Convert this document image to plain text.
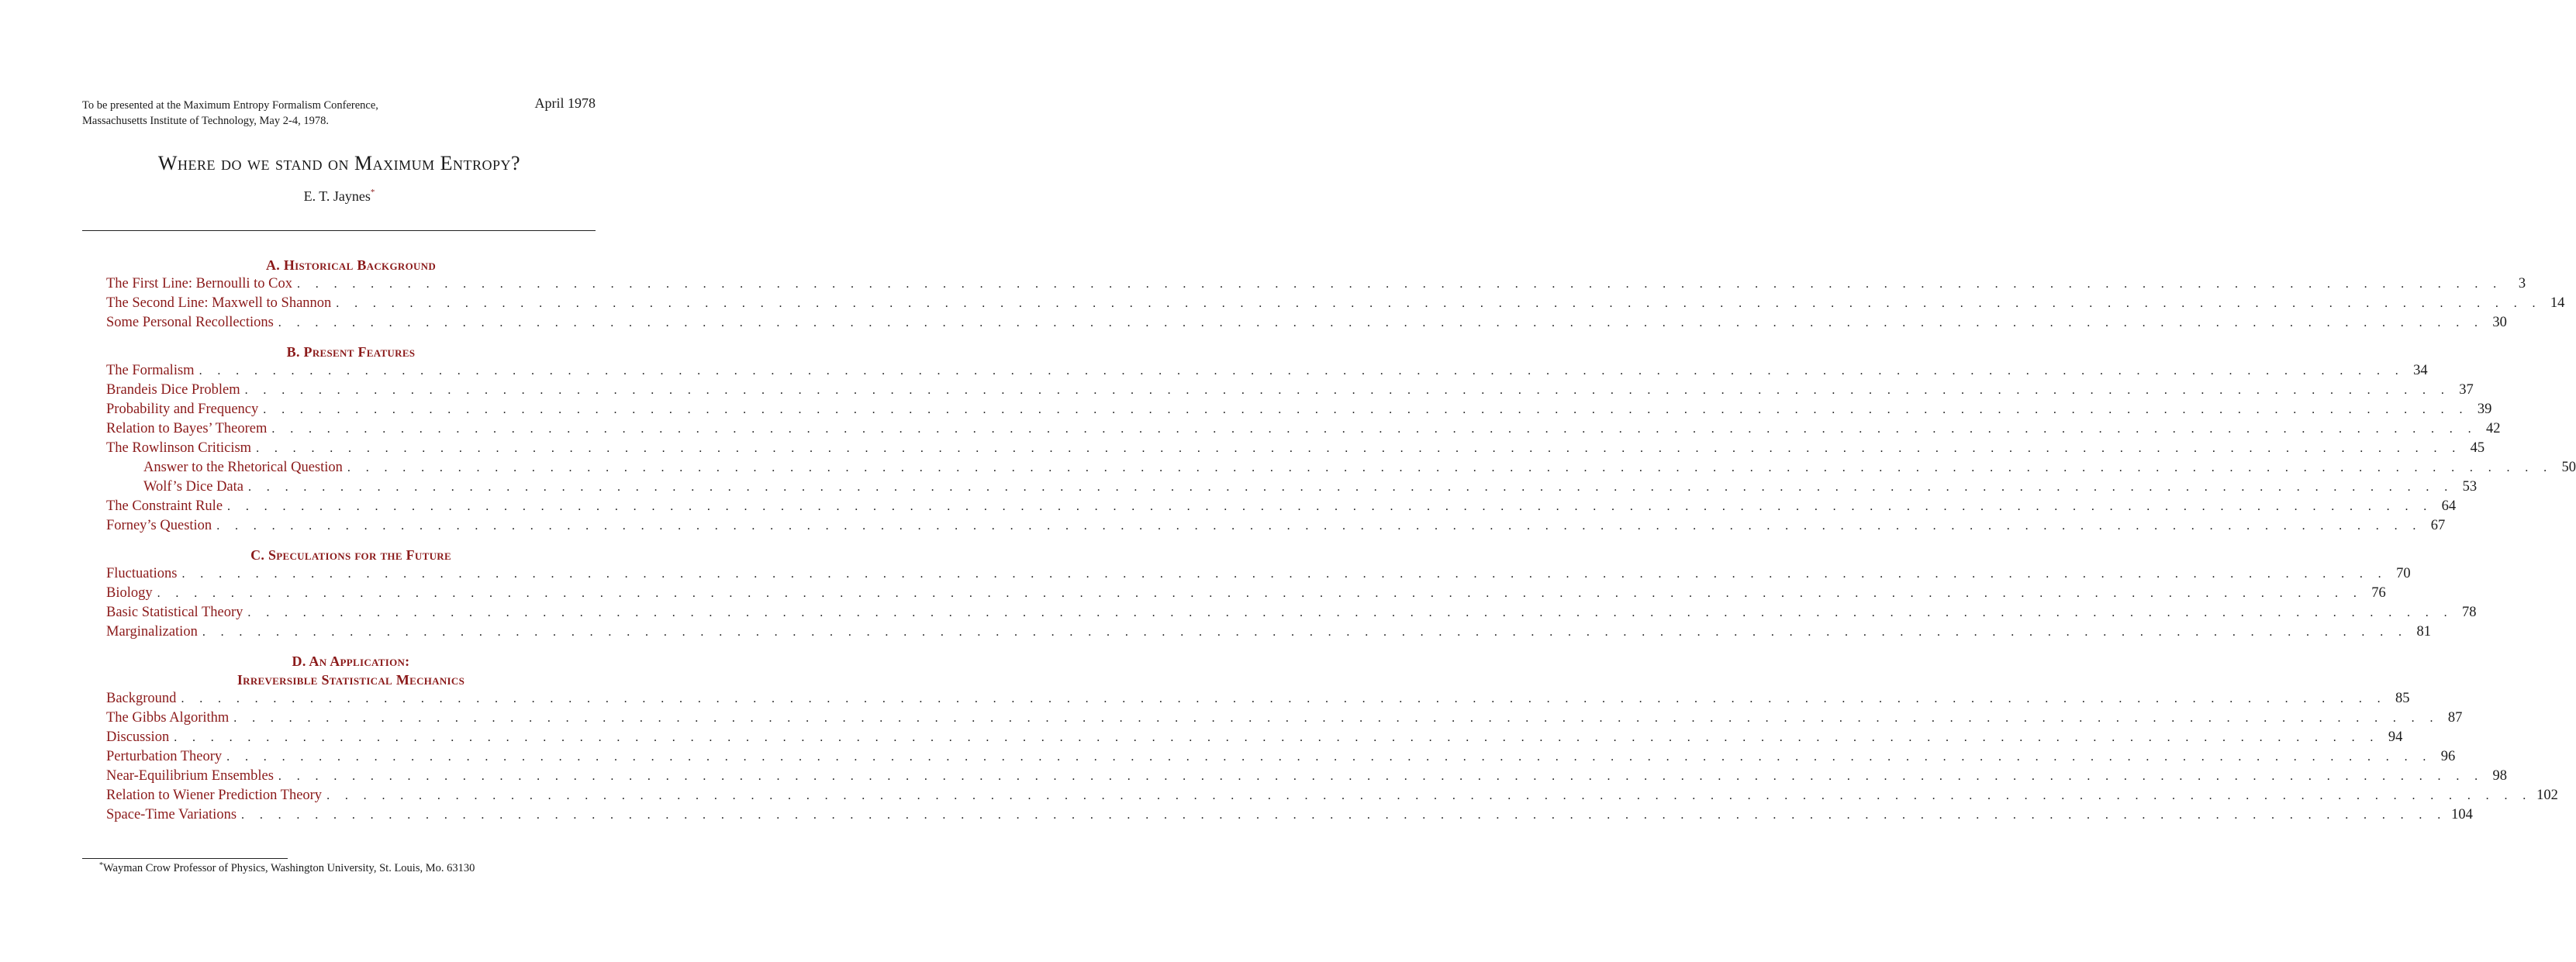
To be presented at the Maximum Entropy Formalism Conference,
Massachusetts Institute of Technology, May 2-4, 1978.
April 1978
Where do we stand on Maximum Entropy?
E. T. Jaynes*
A. Historical Background
The First Line: Bernoulli to Cox . . . . . . . . . . . . . . . . . . . . . . . . . . . . . . . . . . . . . . . . . . . . . . . . . . . . . . . . . . . . . . . . . . . . . . . . . . . . . . . . . . . . . . . . . . . . . . . . . . . . . . . . . . . . . . . . . . . . . . . .	3
The Second Line: Maxwell to Shannon . . . . . . . . . . . . . . . . . . . . . . . . . . . . . . . . . . . . . . . . . . . . . . . . . . . . . . . . . . . . . . . . . . . . . . . . . . . . . . . . . . . . . . . . . . . . . . . . . . . . . . . . . . . . . . . . . . . . . . . . 14
Some Personal Recollections . . . . . . . . . . . . . . . . . . . . . . . . . . . . . . . . . . . . . . . . . . . . . . . . . . . . . . . . . . . . . . . . . . . . . . . . . . . . . . . . . . . . . . . . . . . . . . . . . . . . . . . . . . . . . . . . . . . . . . . . 30
B. Present Features
The Formalism . . . . . . . . . . . . . . . . . . . . . . . . . . . . . . . . . . . . . . . . . . . . . . . . . . . . . . . . . . . . . . . . . . . . . . . . . . . . . . . . . . . . . . . . . . . . . . . . . . . . . . . . . . . . . . . . . . . . . . . . 34
Brandeis Dice Problem . . . . . . . . . . . . . . . . . . . . . . . . . . . . . . . . . . . . . . . . . . . . . . . . . . . . . . . . . . . . . . . . . . . . . . . . . . . . . . . . . . . . . . . . . . . . . . . . . . . . . . . . . . . . . . . . . . . . . . . . 37
Probability and Frequency . . . . . . . . . . . . . . . . . . . . . . . . . . . . . . . . . . . . . . . . . . . . . . . . . . . . . . . . . . . . . . . . . . . . . . . . . . . . . . . . . . . . . . . . . . . . . . . . . . . . . . . . . . . . . . . . . . . . . . . . 39
Relation to Bayes’ Theorem . . . . . . . . . . . . . . . . . . . . . . . . . . . . . . . . . . . . . . . . . . . . . . . . . . . . . . . . . . . . . . . . . . . . . . . . . . . . . . . . . . . . . . . . . . . . . . . . . . . . . . . . . . . . . . . . . . . . . . . . 42
The Rowlinson Criticism . . . . . . . . . . . . . . . . . . . . . . . . . . . . . . . . . . . . . . . . . . . . . . . . . . . . . . . . . . . . . . . . . . . . . . . . . . . . . . . . . . . . . . . . . . . . . . . . . . . . . . . . . . . . . . . . . . . . . . . . 45
Answer to the Rhetorical Question . . . . . . . . . . . . . . . . . . . . . . . . . . . . . . . . . . . . . . . . . . . . . . . . . . . . . . . . . . . . . . . . . . . . . . . . . . . . . . . . . . . . . . . . . . . . . . . . . . . . . . . . . . . . . . . . . . . . . . . . 50
Wolf’s Dice Data . . . . . . . . . . . . . . . . . . . . . . . . . . . . . . . . . . . . . . . . . . . . . . . . . . . . . . . . . . . . . . . . . . . . . . . . . . . . . . . . . . . . . . . . . . . . . . . . . . . . . . . . . . . . . . . . . . . . . . . . 53
The Constraint Rule . . . . . . . . . . . . . . . . . . . . . . . . . . . . . . . . . . . . . . . . . . . . . . . . . . . . . . . . . . . . . . . . . . . . . . . . . . . . . . . . . . . . . . . . . . . . . . . . . . . . . . . . . . . . . . . . . . . . . . . . 64
Forney’s Question . . . . . . . . . . . . . . . . . . . . . . . . . . . . . . . . . . . . . . . . . . . . . . . . . . . . . . . . . . . . . . . . . . . . . . . . . . . . . . . . . . . . . . . . . . . . . . . . . . . . . . . . . . . . . . . . . . . . . . . . 67
C. Speculations for the Future
Fluctuations . . . . . . . . . . . . . . . . . . . . . . . . . . . . . . . . . . . . . . . . . . . . . . . . . . . . . . . . . . . . . . . . . . . . . . . . . . . . . . . . . . . . . . . . . . . . . . . . . . . . . . . . . . . . . . . . . . . . . . . . 70
Biology . . . . . . . . . . . . . . . . . . . . . . . . . . . . . . . . . . . . . . . . . . . . . . . . . . . . . . . . . . . . . . . . . . . . . . . . . . . . . . . . . . . . . . . . . . . . . . . . . . . . . . . . . . . . . . . . . . . . . . . . 76
Basic Statistical Theory . . . . . . . . . . . . . . . . . . . . . . . . . . . . . . . . . . . . . . . . . . . . . . . . . . . . . . . . . . . . . . . . . . . . . . . . . . . . . . . . . . . . . . . . . . . . . . . . . . . . . . . . . . . . . . . . . . . . . . . . 78
Marginalization . . . . . . . . . . . . . . . . . . . . . . . . . . . . . . . . . . . . . . . . . . . . . . . . . . . . . . . . . . . . . . . . . . . . . . . . . . . . . . . . . . . . . . . . . . . . . . . . . . . . . . . . . . . . . . . . . . . . . . . . 81
D. An Application:
Irreversible Statistical Mechanics
Background . . . . . . . . . . . . . . . . . . . . . . . . . . . . . . . . . . . . . . . . . . . . . . . . . . . . . . . . . . . . . . . . . . . . . . . . . . . . . . . . . . . . . . . . . . . . . . . . . . . . . . . . . . . . . . . . . . . . . . . . 85
The Gibbs Algorithm . . . . . . . . . . . . . . . . . . . . . . . . . . . . . . . . . . . . . . . . . . . . . . . . . . . . . . . . . . . . . . . . . . . . . . . . . . . . . . . . . . . . . . . . . . . . . . . . . . . . . . . . . . . . . . . . . . . . . . . . 87
Discussion . . . . . . . . . . . . . . . . . . . . . . . . . . . . . . . . . . . . . . . . . . . . . . . . . . . . . . . . . . . . . . . . . . . . . . . . . . . . . . . . . . . . . . . . . . . . . . . . . . . . . . . . . . . . . . . . . . . . . . . . 94
Perturbation Theory . . . . . . . . . . . . . . . . . . . . . . . . . . . . . . . . . . . . . . . . . . . . . . . . . . . . . . . . . . . . . . . . . . . . . . . . . . . . . . . . . . . . . . . . . . . . . . . . . . . . . . . . . . . . . . . . . . . . . . . . 96
Near-Equilibrium Ensembles . . . . . . . . . . . . . . . . . . . . . . . . . . . . . . . . . . . . . . . . . . . . . . . . . . . . . . . . . . . . . . . . . . . . . . . . . . . . . . . . . . . . . . . . . . . . . . . . . . . . . . . . . . . . . . . . . . . . . . . . 98
Relation to Wiener Prediction Theory . . . . . . . . . . . . . . . . . . . . . . . . . . . . . . . . . . . . . . . . . . . . . . . . . . . . . . . . . . . . . . . . . . . . . . . . . . . . . . . . . . . . . . . . . . . . . . . . . . . . . . . . . . . . . . . . . . . . . . . . 102
Space-Time Variations . . . . . . . . . . . . . . . . . . . . . . . . . . . . . . . . . . . . . . . . . . . . . . . . . . . . . . . . . . . . . . . . . . . . . . . . . . . . . . . . . . . . . . . . . . . . . . . . . . . . . . . . . . . . . . . . . . . . . . . . 104
*Wayman Crow Professor of Physics, Washington University, St. Louis, Mo. 63130
